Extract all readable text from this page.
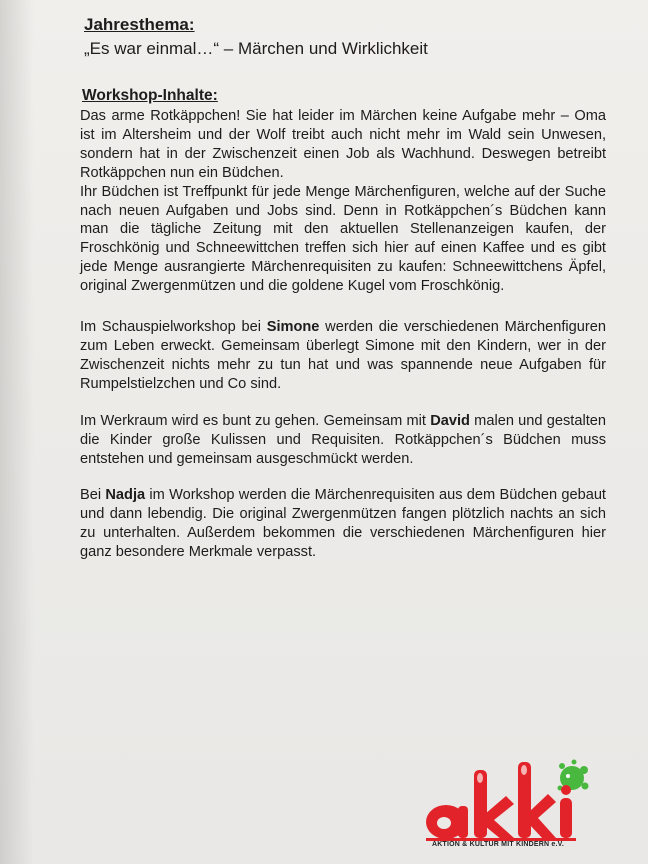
Jahresthema:
„Es war einmal…“ – Märchen und Wirklichkeit
Workshop-Inhalte:

Das arme Rotkäppchen! Sie hat leider im Märchen keine Aufgabe mehr – Oma ist im Altersheim und der Wolf treibt auch nicht mehr im Wald sein Unwesen, sondern hat in der Zwischenzeit einen Job als Wachhund. Deswegen betreibt Rotkäppchen nun ein Büdchen.

Ihr Büdchen ist Treffpunkt für jede Menge Märchenfiguren, welche auf der Suche nach neuen Aufgaben und Jobs sind. Denn in Rotkäppchen´s Büdchen kann man die tägliche Zeitung mit den aktuellen Stellenanzeigen kaufen, der Froschkönig und Schneewittchen treffen sich hier auf einen Kaffee und es gibt jede Menge ausrangierte Märchenrequisiten zu kaufen: Schneewittchens Äpfel, original Zwergenmützen und die goldene Kugel vom Froschkönig.

Im Schauspielworkshop bei Simone werden die verschiedenen Märchenfiguren zum Leben erweckt. Gemeinsam überlegt Simone mit den Kindern, wer in der Zwischenzeit nichts mehr zu tun hat und was spannende neue Aufgaben für Rumpelstielzchen und Co sind.

Im Werkraum wird es bunt zu gehen. Gemeinsam mit David malen und gestalten die Kinder große Kulissen und Requisiten. Rotkäppchen´s Büdchen muss entstehen und gemeinsam ausgeschmückt werden.

Bei Nadja im Workshop werden die Märchenrequisiten aus dem Büdchen gebaut und dann lebendig. Die original Zwergenmützen fangen plötzlich nachts an sich zu unterhalten. Außerdem bekommen die verschiedenen Märchenfiguren hier ganz besondere Merkmale verpasst.

AKTION & KULTUR MIT KINDERN e.V.
